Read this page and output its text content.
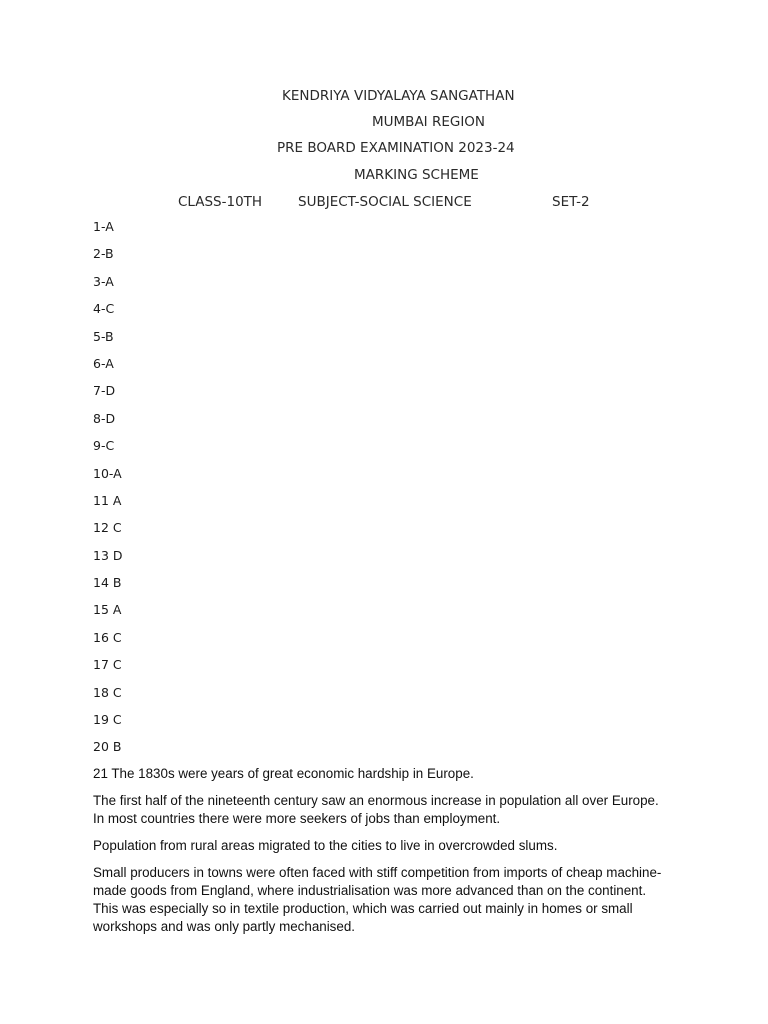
KENDRIYA VIDYALAYA SANGATHAN
MUMBAI REGION
PRE BOARD EXAMINATION 2023-24
MARKING SCHEME
CLASS-10TH	SUBJECT-SOCIAL SCIENCE	SET-2
1-A
2-B
3-A
4-C
5-B
6-A
7-D
8-D
9-C
10-A
11 A
12 C
13 D
14 B
15 A
16 C
17 C
18 C
19 C
20 B

21 The 1830s were years of great economic hardship in Europe.

The first half of the nineteenth century saw an enormous increase in population all over Europe. In most countries there were more seekers of jobs than employment.

Population from rural areas migrated to the cities to live in overcrowded slums.

Small producers in towns were often faced with stiff competition from imports of cheap machine-made goods from England, where industrialisation was more advanced than on the continent. This was especially so in textile production, which was carried out mainly in homes or small workshops and was only partly mechanised.
